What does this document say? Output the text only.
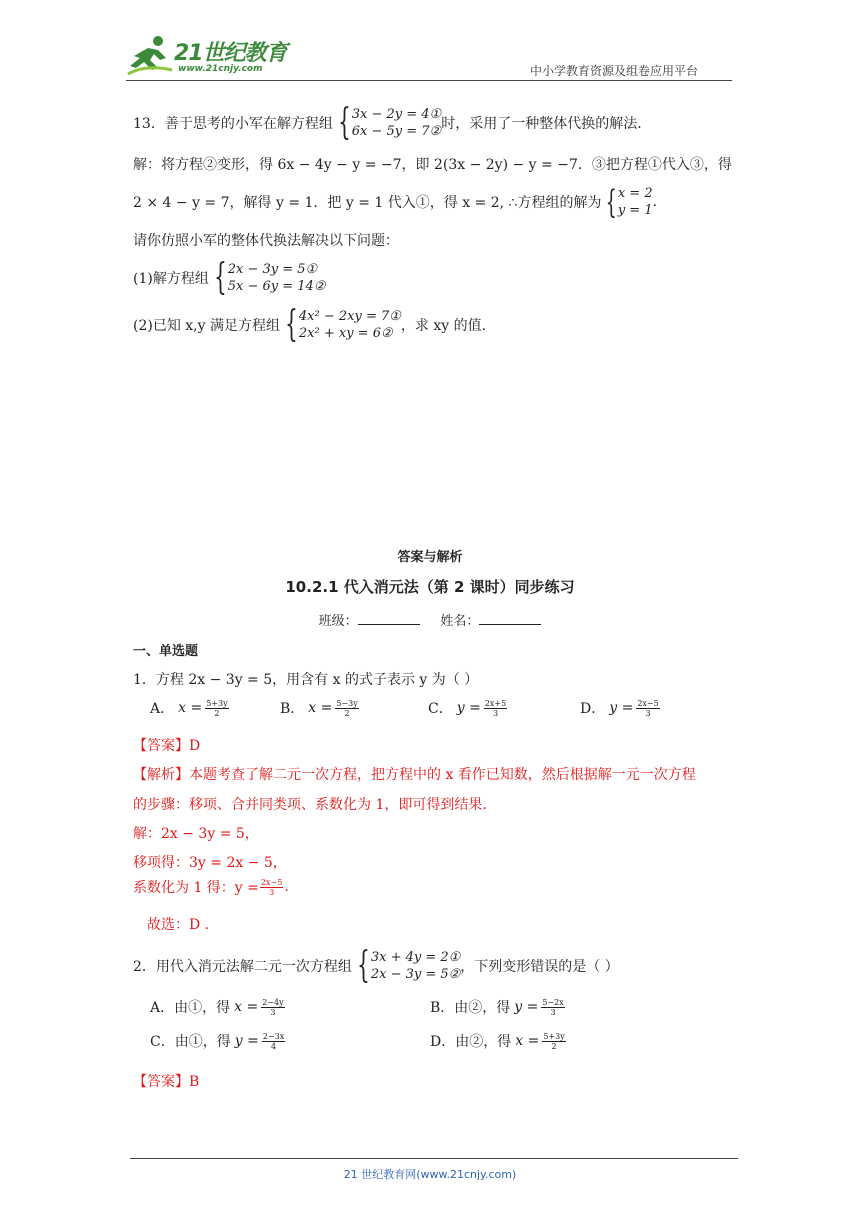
21世纪教育
www.21cnjy.com	中小学教育资源及组卷应用平台
13．善于思考的小军在解方程组 { 3x − 2y = 4①
6x − 5y = 7② 时，采用了一种整体代换的解法.
解：将方程②变形，得 6x − 4y − y = −7，即 2(3x − 2y) − y = −7．③把方程①代入③，得
2 × 4 − y = 7，解得 y = 1．把 y = 1 代入①，得 x = 2, ∴方程组的解为 { x = 2
y = 1
.
请你仿照小军的整体代换法解决以下问题：
(1)解方程组 { 2x − 3y = 5①
5x − 6y = 14②
(2)已知 x,y 满足方程组 { 4x² − 2xy = 7①
2x² + xy = 6② ，求 xy 的值.
答案与解析
10.2.1 代入消元法（第 2 课时）同步练习
班级：	姓名：
一、单选题
1．方程 2x − 3y = 5，用含有 x 的式子表示 y 为（ ）
A． $x = \frac{5+3y}{2}$	B． $x = \frac{5-3y}{2}$	C． $y = \frac{2x+5}{3}$	D． $y = \frac{2x-5}{3}$
【答案】D
【解析】本题考查了解二元一次方程，把方程中的 x 看作已知数，然后根据解一元一次方程
的步骤：移项、合并同类项、系数化为 1，即可得到结果.
解：2x − 3y = 5，
移项得：3y = 2x − 5，
系数化为 1 得：$y = \frac{2x-5}{3}$ .
故选：D ．
2．用代入消元法解二元一次方程组 { 3x + 4y = 2①
2x − 3y = 5② ，下列变形错误的是（ ）
A．由①，得 $x = \frac{2-4y}{3}$	B．由②，得 $y = \frac{5-2x}{3}$
C．由①，得 $y = \frac{2-3x}{4}$	D．由②，得 $x = \frac{5+3y}{2}$
【答案】B
21 世纪教育网(www.21cnjy.com)
